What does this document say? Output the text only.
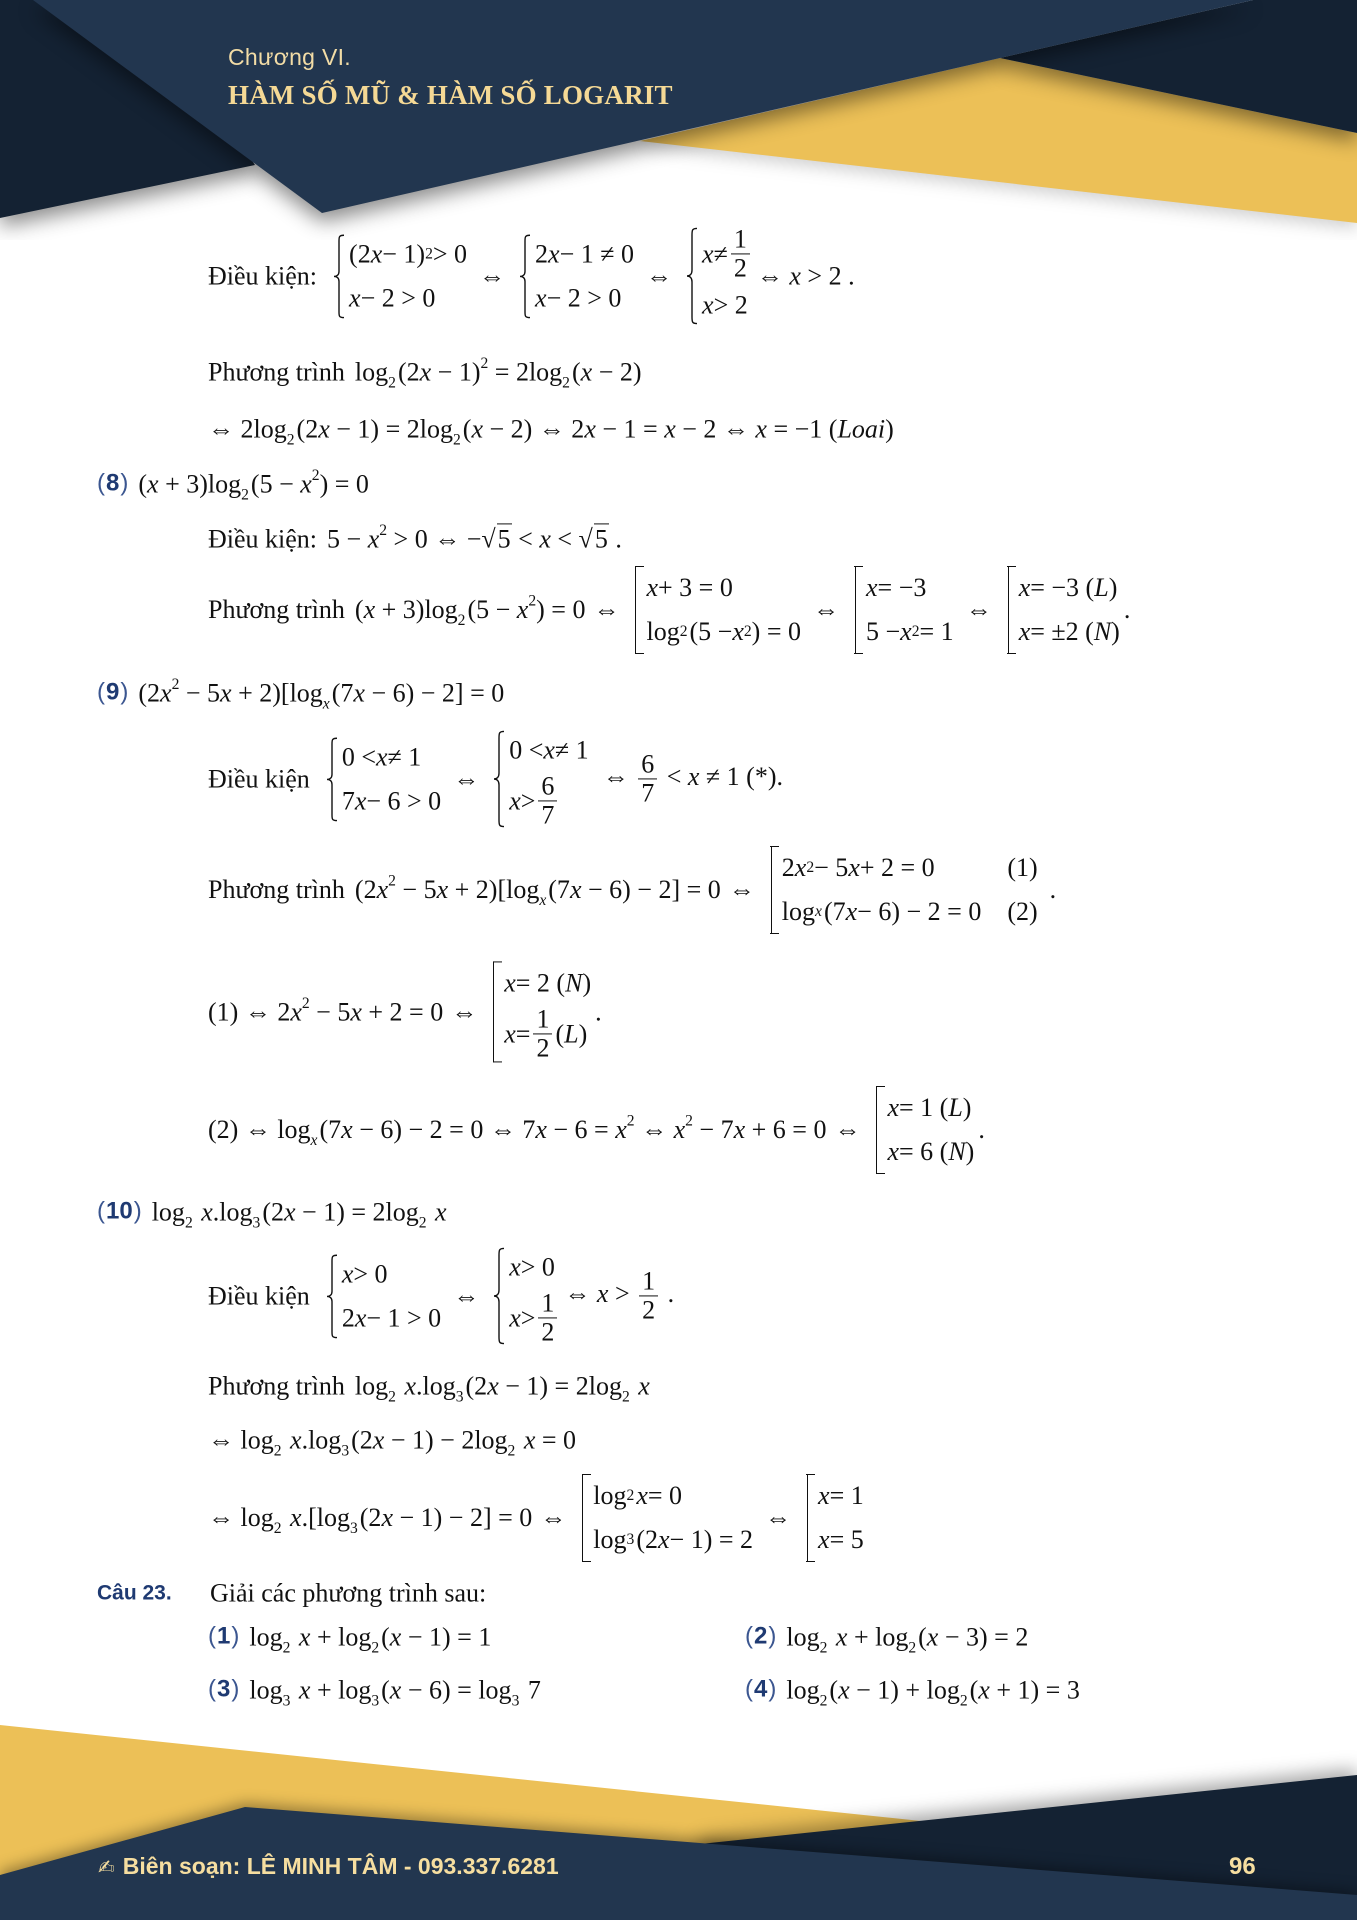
Chương VI.
HÀM SỐ MŨ & HÀM SỐ LOGARIT
Điều kiện:
(2 x − 1) 2 > 0
x − 2 > 0
⇔
2 x − 1 ≠ 0
x − 2 > 0
⇔
$x \ne \frac{1}{2}$
x > 2
⇔ x > 2 .
Phương trình $\log_2(2x - 1)^2 = 2\log_2(x - 2)$
⇔ $2\log_2(2x - 1) = 2\log_2(x - 2)$ ⇔ 2x − 1 = x − 2 ⇔ x = −1 (Loai)
( 8
) $(x + 3)\log_2(5 - x^2) = 0$
Điều kiện: $5 - x^2 > 0$ ⇔ −√5 < x < √5 .
Phương trình $(x + 3)\log_2(5 - x^2) = 0$ ⇔
x + 3 = 0
log 2 (5 − x 2 ) = 0
⇔
x = −3
5 − x 2 = 1
⇔
x = −3 ( L )
x = ±2 ( N )
.
( 9
) $(2x^2 - 5x + 2)[\log_x(7x - 6) - 2] = 0$
Điều kiện
0 < x ≠ 1
7 x − 6 > 0
⇔
0 < x ≠ 1
$x > \frac{6}{7}$ ⇔ $\frac{6}{7} < x \ne 1$ (*).
Phương trình $(2x^2 - 5x + 2)[\log_x(7x - 6) - 2] = 0$ ⇔
2 x 2 − 5 x + 2 = 0	(1)
log x (7 x − 6) − 2 = 0 (2)
.
(1) ⇔ $2x^2 - 5x + 2 = 0$ ⇔
x = 2 ( N )
$x = \frac{1}{2}$ ( L )
.
(2) ⇔ $\log_x(7x - 6) - 2 = 0$ ⇔ $7x - 6 = x^2$ ⇔ $x^2 - 7x + 6 = 0$ ⇔
x = 1 ( L )
x = 6 ( N )
.
( 10
) $\log_2 x.\log_3(2x - 1) = 2\log_2$ x
Điều kiện
x > 0
2 x − 1 > 0
⇔
x > 0
$x > \frac{1}{2}$ ⇔ $x > \frac{1}{2}$ .
Phương trình $\log_2 x.\log_3(2x - 1) = 2\log_2$ x
⇔ $\log_2 x.\log_3(2x - 1) - 2\log_2$ x = 0
⇔ $\log_2 x.[\log_3(2x - 1) - 2] = 0$ ⇔
log 2 x = 0
log 3 (2 x − 1) = 2
⇔
x = 1
x = 5
Câu 23. Giải các phương trình sau:
( 1
) $\log_2 x + \log_2(x - 1) = 1$	( 2
) $\log_2 x + \log_2(x - 3) = 2$
( 3
) $\log_3 x + \log_3(x - 6) = \log_3 7$	( 4
) $\log_2(x - 1) + \log_2(x + 1) = 3$
✍ Biên soạn: LÊ MINH TÂM - 093.337.6281	96
